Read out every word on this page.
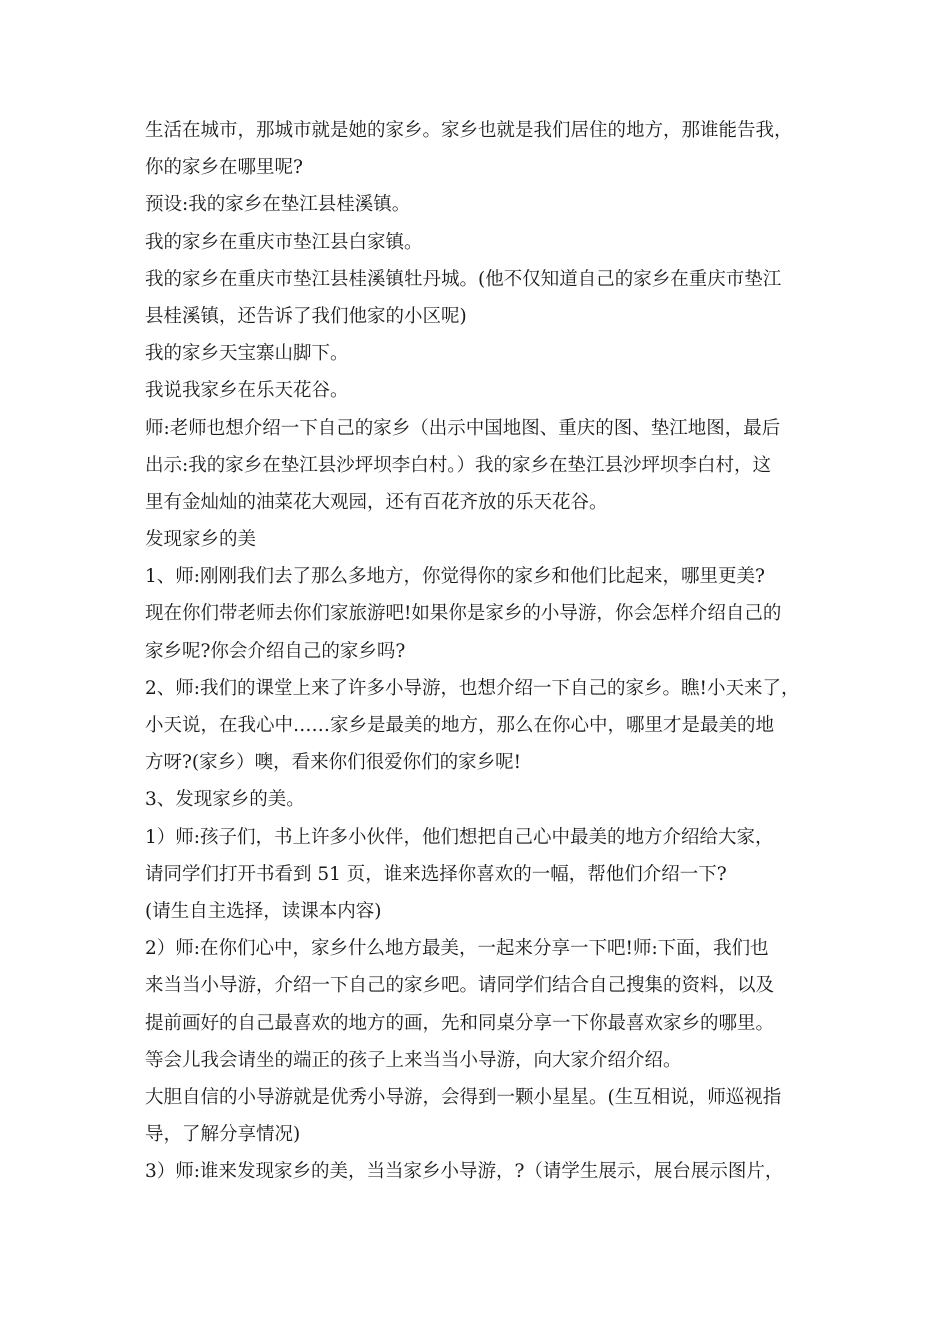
生活在城市，那城市就是她的家乡。家乡也就是我们居住的地方，那谁能告我，

你的家乡在哪里呢?

预设:我的家乡在垫江县桂溪镇。

我的家乡在重庆市垫江县白家镇。

我的家乡在重庆市垫江县桂溪镇牡丹城。(他不仅知道自己的家乡在重庆市垫江

县桂溪镇，还告诉了我们他家的小区呢)

我的家乡天宝寨山脚下。

我说我家乡在乐天花谷。

师:老师也想介绍一下自己的家乡（出示中国地图、重庆的图、垫江地图，最后

出示:我的家乡在垫江县沙坪坝李白村。）我的家乡在垫江县沙坪坝李白村，这

里有金灿灿的油菜花大观园，还有百花齐放的乐天花谷。

发现家乡的美

1、师:刚刚我们去了那么多地方，你觉得你的家乡和他们比起来，哪里更美?

现在你们带老师去你们家旅游吧!如果你是家乡的小导游，你会怎样介绍自己的

家乡呢?你会介绍自己的家乡吗?

2、师:我们的课堂上来了许多小导游，也想介绍一下自己的家乡。瞧!小天来了，

小天说，在我心中……家乡是最美的地方，那么在你心中，哪里才是最美的地

方呀?(家乡）噢，看来你们很爱你们的家乡呢!

3、发现家乡的美。

1）师:孩子们，书上许多小伙伴，他们想把自己心中最美的地方介绍给大家，

请同学们打开书看到 51 页，谁来选择你喜欢的一幅，帮他们介绍一下?

(请生自主选择，读课本内容)

2）师:在你们心中，家乡什么地方最美，一起来分享一下吧!师:下面，我们也

来当当小导游，介绍一下自己的家乡吧。请同学们结合自己搜集的资料，以及

提前画好的自己最喜欢的地方的画，先和同桌分享一下你最喜欢家乡的哪里。

等会儿我会请坐的端正的孩子上来当当小导游，向大家介绍介绍。

大胆自信的小导游就是优秀小导游，会得到一颗小星星。(生互相说，师巡视指

导，了解分享情况)

3）师:谁来发现家乡的美，当当家乡小导游，?（请学生展示，展台展示图片，
